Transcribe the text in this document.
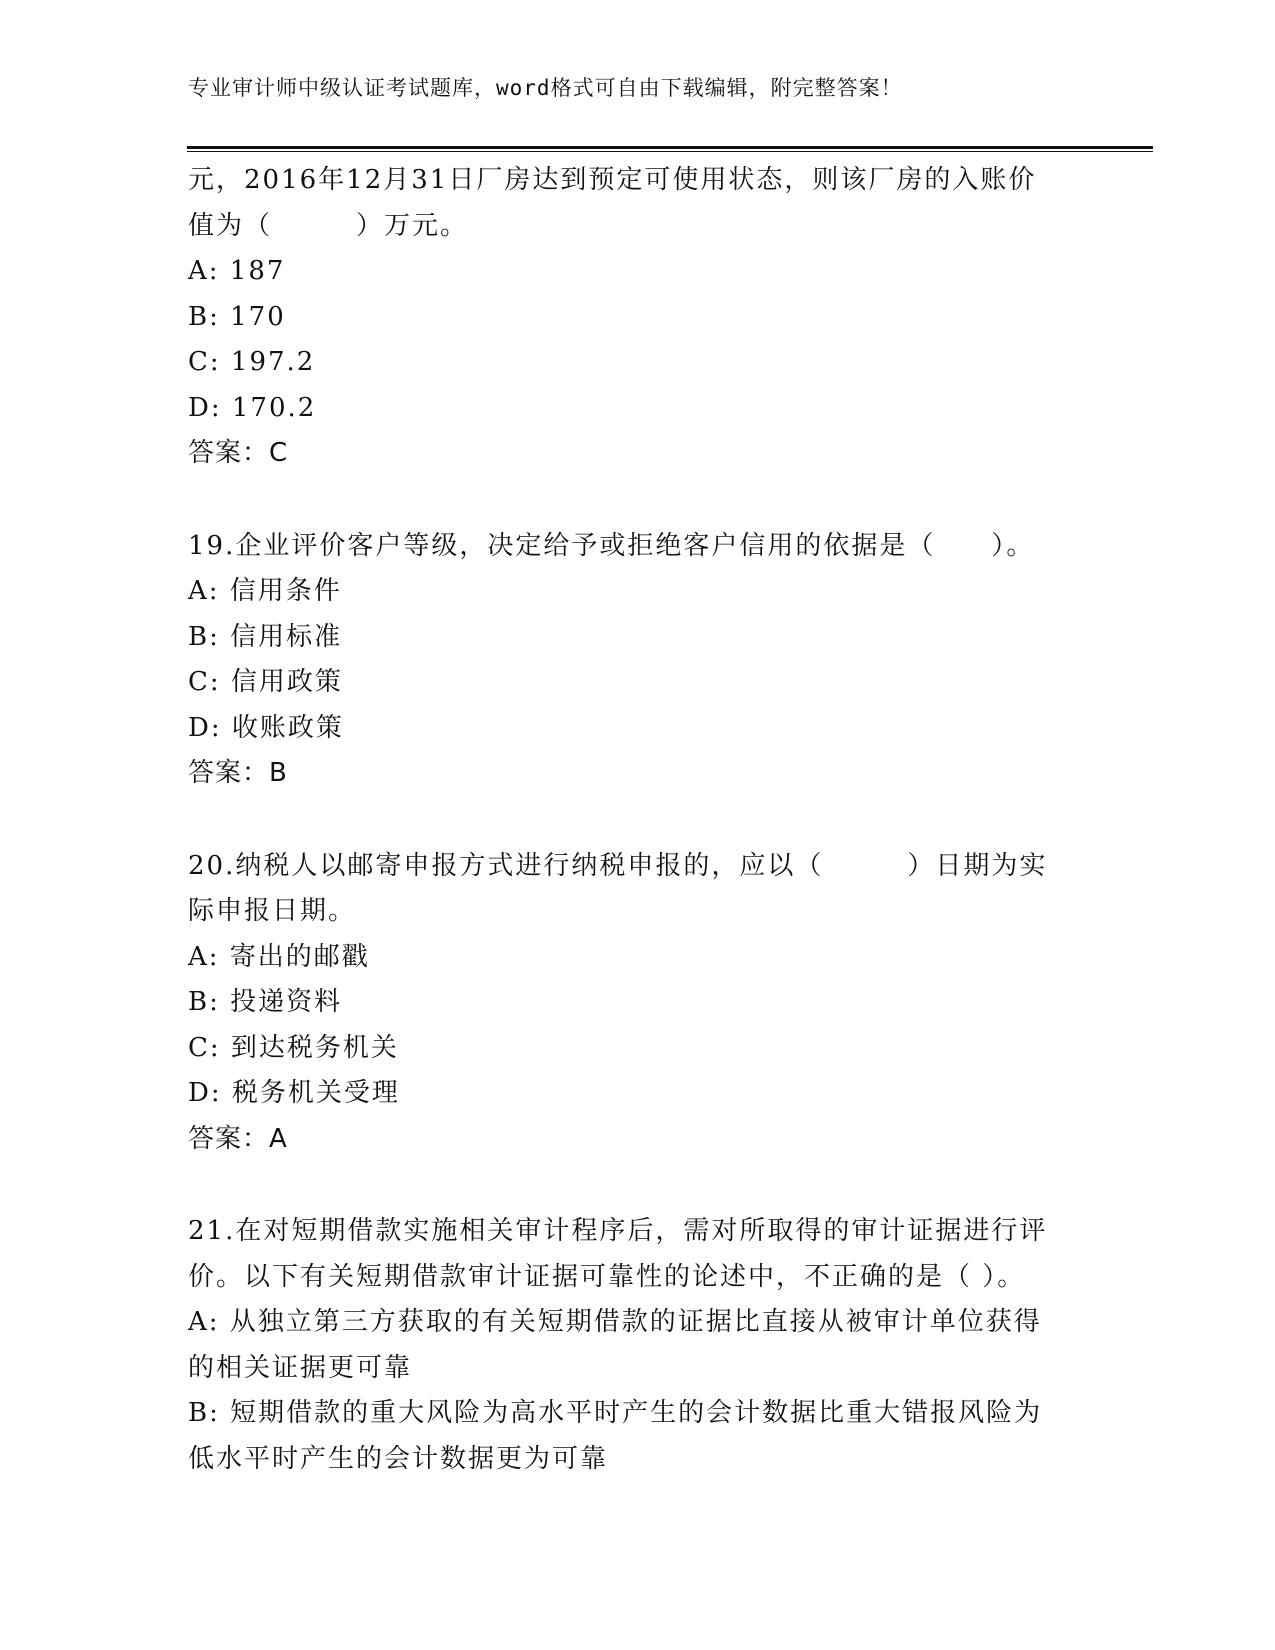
专业审计师中级认证考试题库，word格式可自由下载编辑，附完整答案！
元，2016年12月31日厂房达到预定可使用状态，则该厂房的入账价
值为（　　　）万元。
A: 187
B: 170
C: 197.2
D: 170.2
答案：C
19.企业评价客户等级，决定给予或拒绝客户信用的依据是（　　）。
A: 信用条件
B: 信用标准
C: 信用政策
D: 收账政策
答案：B
20.纳税人以邮寄申报方式进行纳税申报的，应以（　　　）日期为实
际申报日期。
A: 寄出的邮戳
B: 投递资料
C: 到达税务机关
D: 税务机关受理
答案：A
21.在对短期借款实施相关审计程序后，需对所取得的审计证据进行评
价。以下有关短期借款审计证据可靠性的论述中，不正确的是（ ）。
A: 从独立第三方获取的有关短期借款的证据比直接从被审计单位获得
的相关证据更可靠
B: 短期借款的重大风险为高水平时产生的会计数据比重大错报风险为
低水平时产生的会计数据更为可靠
